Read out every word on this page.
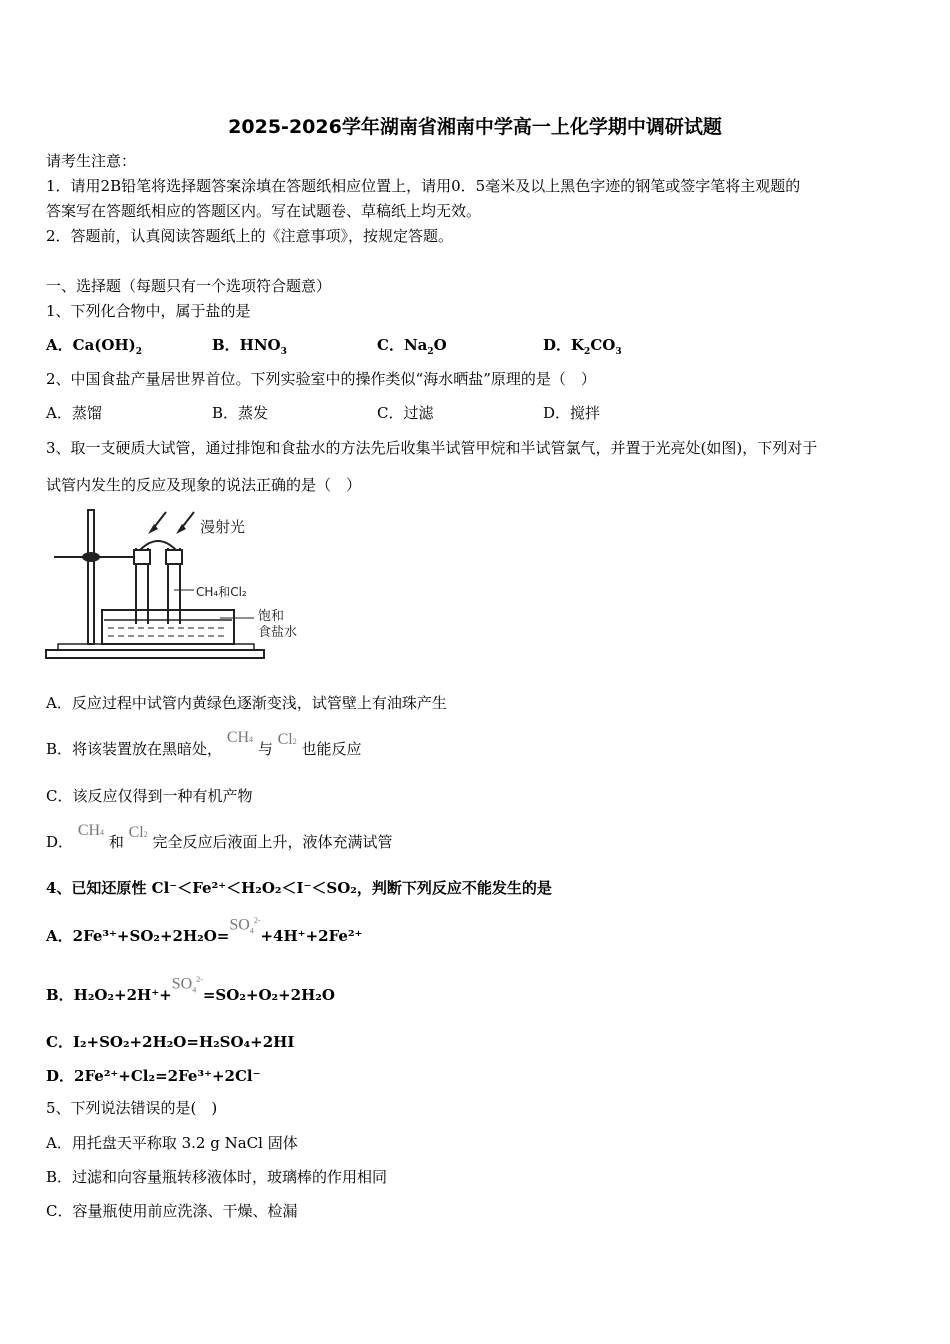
2025-2026学年湖南省湘南中学高一上化学期中调研试题
请考生注意：
1．请用2B铅笔将选择题答案涂填在答题纸相应位置上，请用0．5毫米及以上黑色字迹的钢笔或签字笔将主观题的
答案写在答题纸相应的答题区内。写在试题卷、草稿纸上均无效。
2．答题前，认真阅读答题纸上的《注意事项》，按规定答题。
一、选择题（每题只有一个选项符合题意）
1、下列化合物中，属于盐的是
A．$Ca(OH)_2$	B．$HNO_3$	C．$Na_2O$	D．$K_2CO_3$
2、中国食盐产量居世界首位。下列实验室中的操作类似“海水晒盐”原理的是（　）
A．蒸馏	B．蒸发	C．过滤	D．搅拌
3、取一支硬质大试管，通过排饱和食盐水的方法先后收集半试管甲烷和半试管氯气，并置于光亮处(如图)，下列对于
试管内发生的反应及现象的说法正确的是（　）
漫射光
CH₄和Cl₂
饱和
食盐水
A．反应过程中试管内黄绿色逐渐变浅，试管壁上有油珠产生
B．将该装置放在黑暗处， CH4 与 Cl2 也能反应
C．该反应仅得到一种有机产物
D． CH4 和 Cl2 完全反应后液面上升，液体充满试管
4、已知还原性 Cl⁻＜Fe²⁺＜H₂O₂＜I⁻＜SO₂，判断下列反应不能发生的是
A．$2Fe^{3+}+SO_2+2H_2O=SO_4^{2-}+4H^++2Fe^{2+}$
B．$H_2O_2+2H^++SO_4^{2-}=SO_2+O_2+2H_2O$
C．I₂+SO₂+2H₂O=H₂SO₄+2HI
D．2Fe²⁺+Cl₂=2Fe³⁺+2Cl⁻
5、下列说法错误的是(　)
A．用托盘天平称取 3.2 g NaCl 固体
B．过滤和向容量瓶转移液体时，玻璃棒的作用相同
C．容量瓶使用前应洗涤、干燥、检漏
